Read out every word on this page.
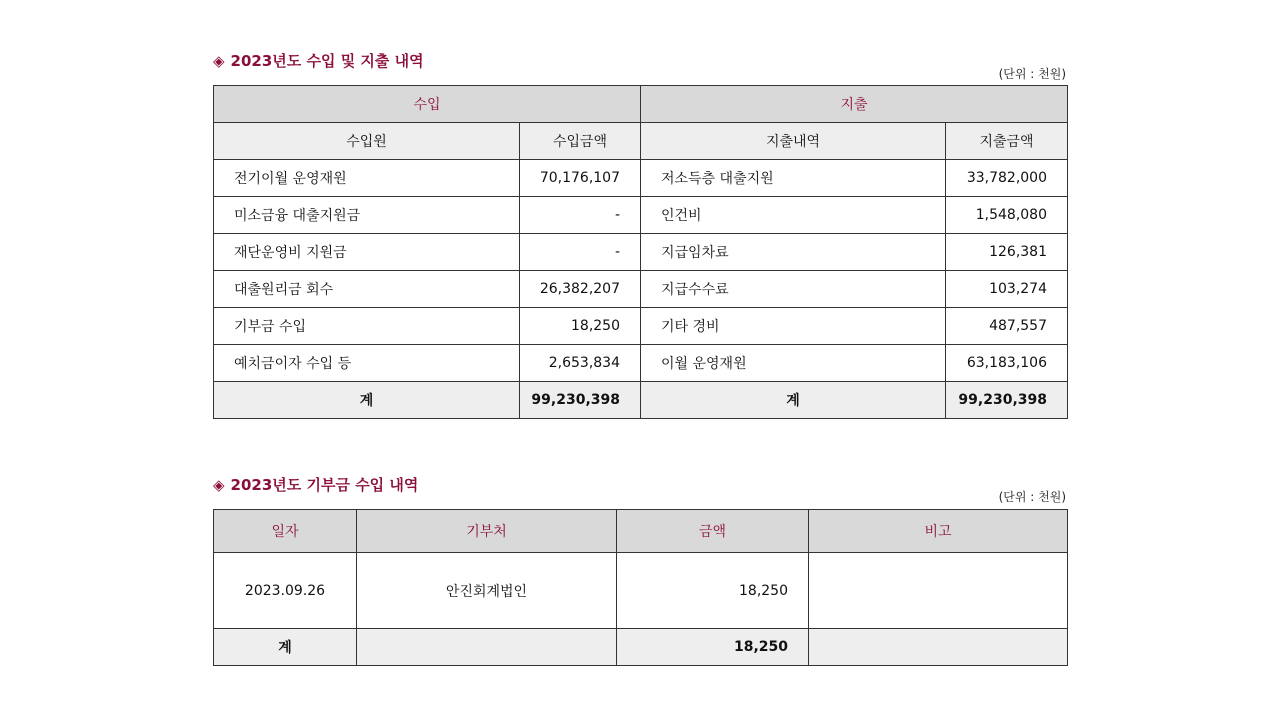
◈ 2023년도 수입 및 지출 내역
(단위 : 천원)
수입		지출	
수입원	수입금액	지출내역	지출금액
전기이월 운영재원	70,176,107	저소득층 대출지원	33,782,000
미소금융 대출지원금	-	인건비	1,548,080
재단운영비 지원금	-	지급임차료	126,381
대출원리금 회수	26,382,207	지급수수료	103,274
기부금 수입	18,250	기타 경비	487,557
예치금이자 수입 등	2,653,834	이월 운영재원	63,183,106
계	99,230,398	계	99,230,398
◈ 2023년도 기부금 수입 내역
(단위 : 천원)
일자	기부처	금액	비고
2023.09.26	안진회계법인	18,250	
계		18,250	
